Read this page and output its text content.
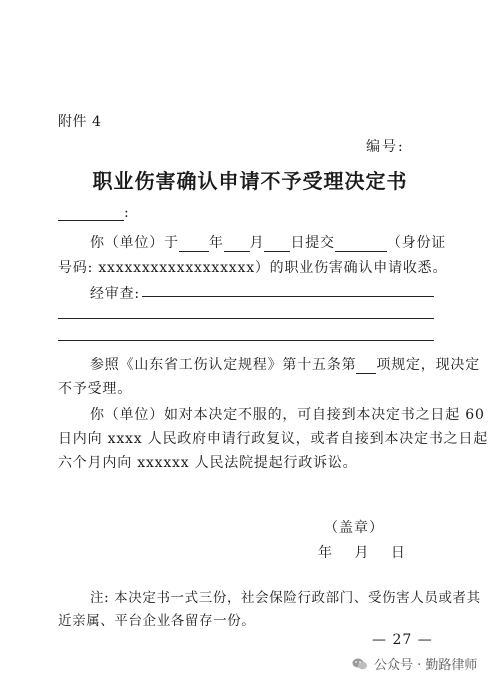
附件 4
编号:
职业伤害确认申请不予受理决定书
:
你（单位）于 年 月 日提交	（身份证
号码: xxxxxxxxxxxxxxxxxx）的职业伤害确认申请收悉。
经审查:
参照《山东省工伤认定规程》第十五条第 项规定，现决定
不予受理。
你（单位）如对本决定不服的，可自接到本决定书之日起 60
日内向 xxxx 人民政府申请行政复议，或者自接到本决定书之日起
六个月内向 xxxxxx 人民法院提起行政诉讼。
（盖章）
年 月 日
注: 本决定书一式三份，社会保险行政部门、受伤害人员或者其
近亲属、平台企业各留存一份。
— 27 —
公众号 · 勤路律师
